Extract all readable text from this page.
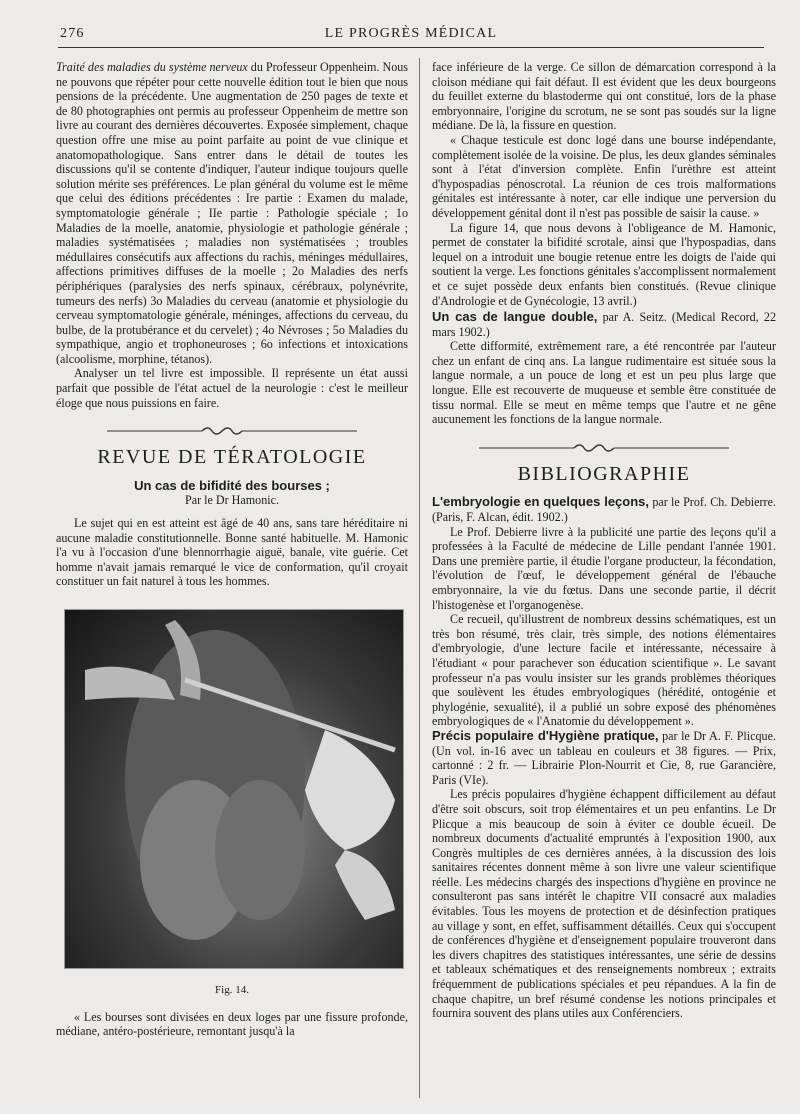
276	LE PROGRÈS MÉDICAL

Traité des maladies du système nerveux du Professeur Oppenheim. Nous ne pouvons que répéter pour cette nouvelle édition tout le bien que nous pensions de la précédente. Une augmentation de 250 pages de texte et de 80 photographies ont permis au professeur Oppenheim de mettre son livre au courant des dernières découvertes. Exposée simplement, chaque question offre une mise au point parfaite au point de vue clinique et anatomopathologique. Sans entrer dans le détail de toutes les discussions qu'il se contente d'indiquer, l'auteur indique toujours quelle solution mérite ses préférences. Le plan général du volume est le même que celui des éditions précédentes : Ire partie : Examen du malade, symptomatologie générale ; IIe partie : Pathologie spéciale ; 1o Maladies de la moelle, anatomie, physiologie et pathologie générale ; maladies systématisées ; maladies non systématisées ; troubles médullaires consécutifs aux affections du rachis, méninges médullaires, affections primitives diffuses de la moelle ; 2o Maladies des nerfs périphériques (paralysies des nerfs spinaux, cérébraux, polynévrite, tumeurs des nerfs) 3o Maladies du cerveau (anatomie et physiologie du cerveau symptomatologie générale, méninges, affections du cerveau, du bulbe, de la protubérance et du cervelet) ; 4o Névroses ; 5o Maladies du sympathique, angio et trophoneuroses ; 6o infections et intoxications (alcoolisme, morphine, tétanos).

Analyser un tel livre est impossible. Il représente un état aussi parfait que possible de l'état actuel de la neurologie : c'est le meilleur éloge que nous puissions en faire.

REVUE DE TÉRATOLOGIE
Un cas de bifidité des bourses ;
Par le Dr Hamonic.

Le sujet qui en est atteint est âgé de 40 ans, sans tare héréditaire ni aucune maladie constitutionnelle. Bonne santé habituelle. M. Hamonic l'a vu à l'occasion d'une blennorrhagie aiguë, banale, vite guérie. Cet homme n'avait jamais remarqué le vice de conformation, qu'il croyait constituer un fait naturel à tous les hommes.

Fig. 14.

« Les bourses sont divisées en deux loges par une fissure profonde, médiane, antéro-postérieure, remontant jusqu'à la

face inférieure de la verge. Ce sillon de démarcation correspond à la cloison médiane qui fait défaut. Il est évident que les deux bourgeons du feuillet externe du blastoderme qui ont constitué, lors de la phase embryonnaire, l'origine du scrotum, ne se sont pas soudés sur la ligne médiane. De là, la fissure en question.

« Chaque testicule est donc logé dans une bourse indépendante, complètement isolée de la voisine. De plus, les deux glandes séminales sont à l'état d'inversion complète. Enfin l'urèthre est atteint d'hypospadias pénoscrotal. La réunion de ces trois malformations génitales est intéressante à noter, car elle indique une perversion du développement génital dont il n'est pas possible de saisir la cause. »

La figure 14, que nous devons à l'obligeance de M. Hamonic, permet de constater la bifidité scrotale, ainsi que l'hypospadias, dans lequel on a introduit une bougie retenue entre les doigts de l'aide qui soutient la verge. Les fonctions génitales s'accomplissent normalement et ce sujet possède deux enfants bien constitués. (Revue clinique d'Andrologie et de Gynécologie, 13 avril.)

Un cas de langue double, par A. Seitz. (Medical Record, 22 mars 1902.)

Cette difformité, extrêmement rare, a été rencontrée par l'auteur chez un enfant de cinq ans. La langue rudimentaire est située sous la langue normale, a un pouce de long et est un peu plus large que longue. Elle est recouverte de muqueuse et semble être constituée de tissu normal. Elle se meut en même temps que l'autre et ne gêne aucunement les fonctions de la langue normale.

BIBLIOGRAPHIE

L'embryologie en quelques leçons, par le Prof. Ch. Debierre. (Paris, F. Alcan, édit. 1902.)

Le Prof. Debierre livre à la publicité une partie des leçons qu'il a professées à la Faculté de médecine de Lille pendant l'année 1901. Dans une première partie, il étudie l'organe producteur, la fécondation, l'évolution de l'œuf, le développement général de l'ébauche embryonnaire, la vie du fœtus. Dans une seconde partie, il décrit l'histogenèse et l'organogenèse.

Ce recueil, qu'illustrent de nombreux dessins schématiques, est un très bon résumé, très clair, très simple, des notions élémentaires d'embryologie, d'une lecture facile et intéressante, nécessaire à l'étudiant « pour parachever son éducation scientifique ». Le savant professeur n'a pas voulu insister sur les grands problèmes théoriques que soulèvent les études embryologiques (hérédité, ontogénie et phylogénie, sexualité), il a publié un sobre exposé des phénomènes embryologiques de « l'Anatomie du développement ».

Précis populaire d'Hygiène pratique, par le Dr A. F. Plicque. (Un vol. in-16 avec un tableau en couleurs et 38 figures. — Prix, cartonné : 2 fr. — Librairie Plon-Nourrit et Cie, 8, rue Garancière, Paris (VIe).

Les précis populaires d'hygiène échappent difficilement au défaut d'être soit obscurs, soit trop élémentaires et un peu enfantins. Le Dr Plicque a mis beaucoup de soin à éviter ce double écueil. De nombreux documents d'actualité empruntés à l'exposition 1900, aux Congrès multiples de ces dernières années, à la discussion des lois sanitaires récentes donnent même à son livre une valeur scientifique réelle. Les médecins chargés des inspections d'hygiène en province ne consulteront pas sans intérêt le chapitre VII consacré aux maladies évitables. Tous les moyens de protection et de désinfection pratiques au village y sont, en effet, suffisamment détaillés. Ceux qui s'occupent de conférences d'hygiène et d'enseignement populaire trouveront dans les divers chapitres des statistiques intéressantes, une série de dessins et tableaux schématiques et des renseignements nombreux ; extraits fréquemment de publications spéciales et peu répandues. A la fin de chaque chapitre, un bref résumé condense les notions principales et fournira souvent des plans utiles aux Conférenciers.
